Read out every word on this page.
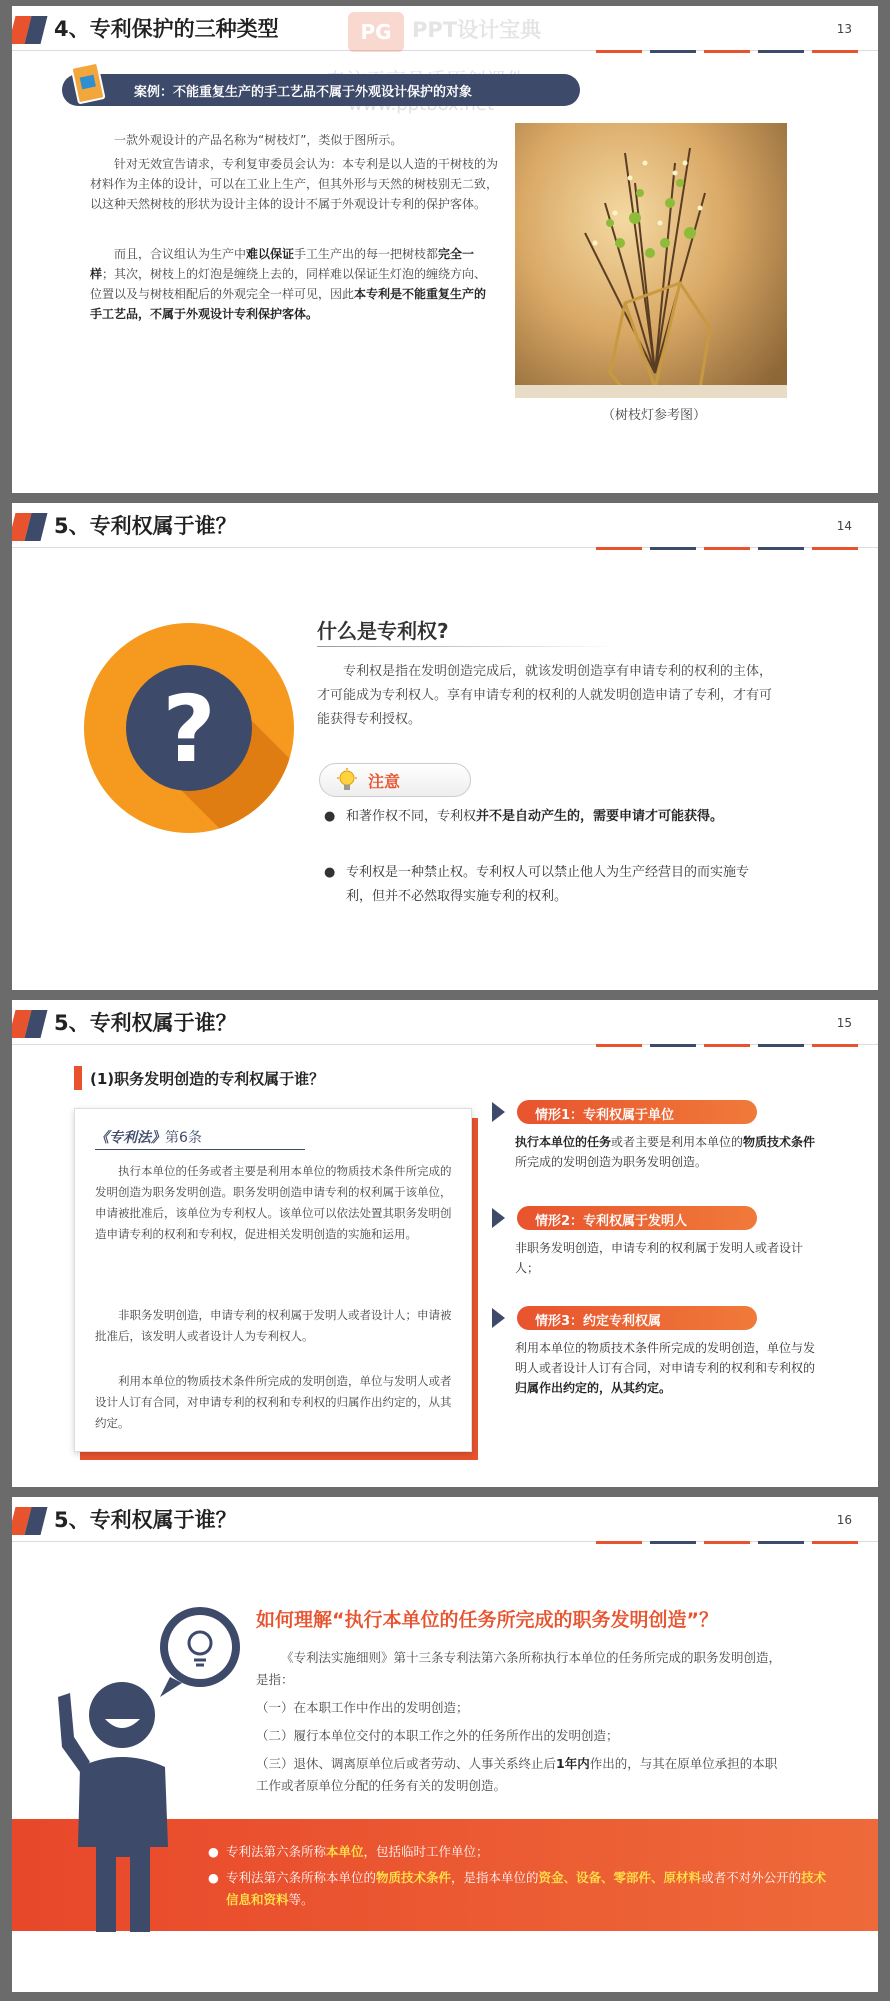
4、专利保护的三种类型	13
PG PPT设计宝典
案例：不能重复生产的手工艺品不属于外观设计保护的对象
一款外观设计的产品名称为“树枝灯”，类似于图所示。
针对无效宣告请求，专利复审委员会认为：本专利是以人造的干树枝的为材料作为主体的设计，可以在工业上生产，但其外形与天然的树枝别无二致，以这种天然树枝的形状为设计主体的设计不属于外观设计专利的保护客体。
而且，合议组认为生产中难以保证手工生产出的每一把树枝都完全一样；其次，树枝上的灯泡是缠绕上去的，同样难以保证生灯泡的缠绕方向、位置以及与树枝相配后的外观完全一样可见，因此本专利是不能重复生产的手工艺品，不属于外观设计专利保护客体。
（树枝灯参考图）
5、专利权属于谁？	14
?
什么是专利权?
专利权是指在发明创造完成后，就该发明创造享有申请专利的权利的主体，才可能成为专利权人。享有申请专利的权利的人就发明创造申请了专利，才有可能获得专利授权。
注意
● 和著作权不同，专利权并不是自动产生的，需要申请才可能获得。
● 专利权是一种禁止权。专利权人可以禁止他人为生产经营目的而实施专利，但并不必然取得实施专利的权利。
5、专利权属于谁？	15
(1)职务发明创造的专利权属于谁？
《专利法》第6条
执行本单位的任务或者主要是利用本单位的物质技术条件所完成的发明创造为职务发明创造。职务发明创造申请专利的权利属于该单位，申请被批准后，该单位为专利权人。该单位可以依法处置其职务发明创造申请专利的权利和专利权，促进相关发明创造的实施和运用。
非职务发明创造，申请专利的权利属于发明人或者设计人；申请被批准后，该发明人或者设计人为专利权人。
利用本单位的物质技术条件所完成的发明创造，单位与发明人或者设计人订有合同，对申请专利的权利和专利权的归属作出约定的，从其约定。
情形1：专利权属于单位
执行本单位的任务或者主要是利用本单位的物质技术条件所完成的发明创造为职务发明创造。
情形2：专利权属于发明人
非职务发明创造，申请专利的权利属于发明人或者设计人；
情形3：约定专利权属
利用本单位的物质技术条件所完成的发明创造，单位与发明人或者设计人订有合同，对申请专利的权利和专利权的归属作出约定的，从其约定。
5、专利权属于谁？	16
如何理解“执行本单位的任务所完成的职务发明创造”？
《专利法实施细则》第十三条专利法第六条所称执行本单位的任务所完成的职务发明创造，是指：
（一）在本职工作中作出的发明创造；
（二）履行本单位交付的本职工作之外的任务所作出的发明创造；
（三）退休、调离原单位后或者劳动、人事关系终止后1年内作出的，与其在原单位承担的本职工作或者原单位分配的任务有关的发明创造。
● 专利法第六条所称本单位，包括临时工作单位；
● 专利法第六条所称本单位的物质技术条件，是指本单位的资金、设备、零部件、原材料或者不对外公开的技术信息和资料等。
